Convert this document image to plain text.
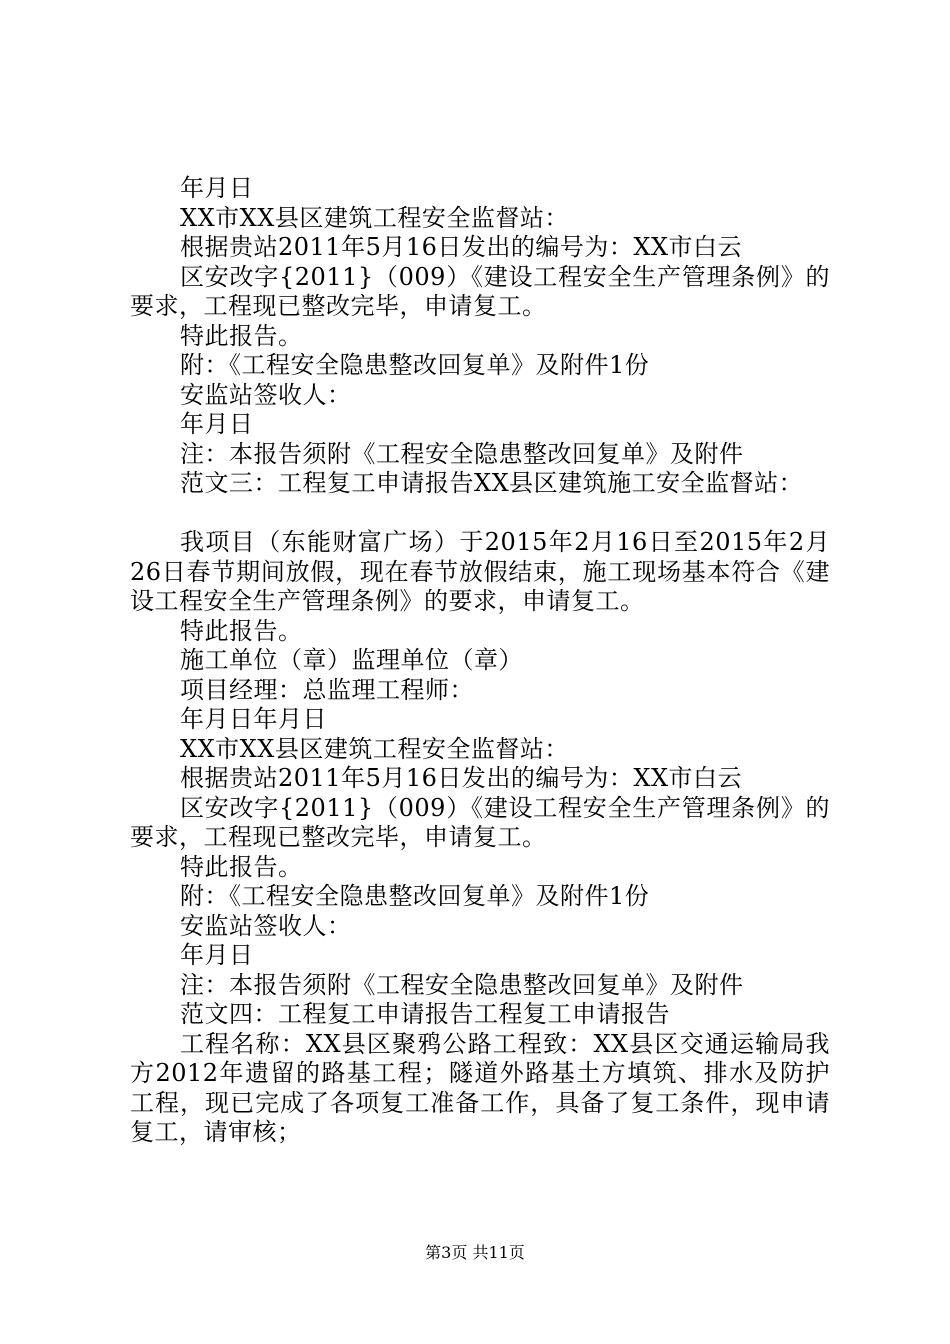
年月日
XX市XX县区建筑工程安全监督站：
根据贵站2011年5月16日发出的编号为：XX市白云
区安改字{2011}（009）《建设工程安全生产管理条例》的要求，工程现已整改完毕，申请复工。
特此报告。
附：《工程安全隐患整改回复单》及附件1份
安监站签收人：
年月日
注：本报告须附《工程安全隐患整改回复单》及附件
范文三：工程复工申请报告XX县区建筑施工安全监督站：
我项目（东能财富广场）于2015年2月16日至2015年2月26日春节期间放假，现在春节放假结束，施工现场基本符合《建设工程安全生产管理条例》的要求，申请复工。
特此报告。
施工单位（章）监理单位（章）
项目经理：总监理工程师：
年月日年月日
XX市XX县区建筑工程安全监督站：
根据贵站2011年5月16日发出的编号为：XX市白云
区安改字{2011}（009）《建设工程安全生产管理条例》的要求，工程现已整改完毕，申请复工。
特此报告。
附：《工程安全隐患整改回复单》及附件1份
安监站签收人：
年月日
注：本报告须附《工程安全隐患整改回复单》及附件
范文四：工程复工申请报告工程复工申请报告
工程名称：XX县区聚鸦公路工程致：XX县区交通运输局我方2012年遗留的路基工程；隧道外路基土方填筑、排水及防护工程，现已完成了各项复工准备工作，具备了复工条件，现申请复工，请审核；
第3页 共11页
